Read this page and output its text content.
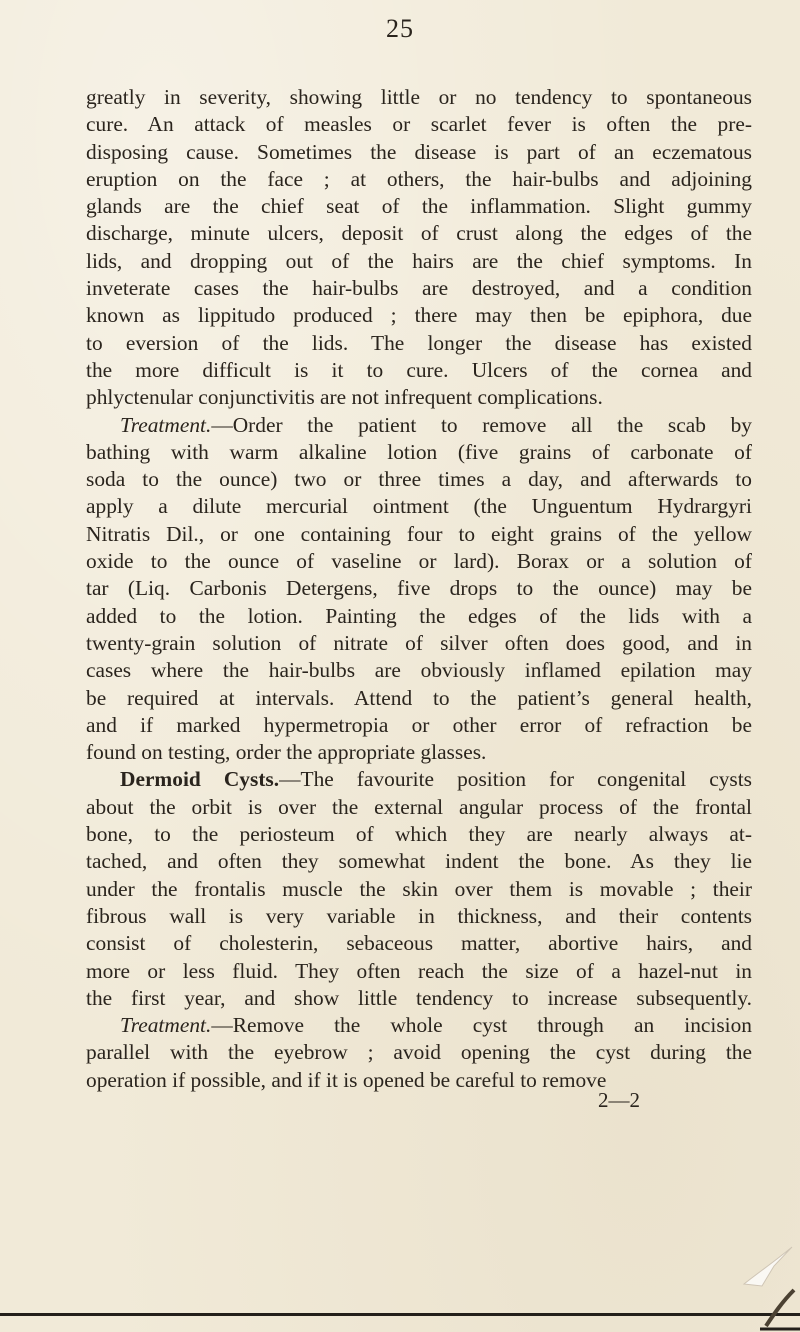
25
greatly in severity, showing little or no tendency to spontaneous
cure. An attack of measles or scarlet fever is often the pre-
disposing cause. Sometimes the disease is part of an eczematous
eruption on the face ; at others, the hair-bulbs and adjoining
glands are the chief seat of the inflammation. Slight gummy
discharge, minute ulcers, deposit of crust along the edges of the
lids, and dropping out of the hairs are the chief symptoms. In
inveterate cases the hair-bulbs are destroyed, and a condition
known as lippitudo produced ; there may then be epiphora, due
to eversion of the lids. The longer the disease has existed
the more difficult is it to cure. Ulcers of the cornea and
phlyctenular conjunctivitis are not infrequent complications.
Treatment.—Order the patient to remove all the scab by
bathing with warm alkaline lotion (five grains of carbonate of
soda to the ounce) two or three times a day, and afterwards to
apply a dilute mercurial ointment (the Unguentum Hydrargyri
Nitratis Dil., or one containing four to eight grains of the yellow
oxide to the ounce of vaseline or lard). Borax or a solution of
tar (Liq. Carbonis Detergens, five drops to the ounce) may be
added to the lotion. Painting the edges of the lids with a
twenty-grain solution of nitrate of silver often does good, and in
cases where the hair-bulbs are obviously inflamed epilation may
be required at intervals. Attend to the patient’s general health,
and if marked hypermetropia or other error of refraction be
found on testing, order the appropriate glasses.
Dermoid Cysts.—The favourite position for congenital cysts
about the orbit is over the external angular process of the frontal
bone, to the periosteum of which they are nearly always at-
tached, and often they somewhat indent the bone. As they lie
under the frontalis muscle the skin over them is movable ; their
fibrous wall is very variable in thickness, and their contents
consist of cholesterin, sebaceous matter, abortive hairs, and
more or less fluid. They often reach the size of a hazel-nut in
the first year, and show little tendency to increase subsequently.
Treatment.—Remove the whole cyst through an incision
parallel with the eyebrow ; avoid opening the cyst during the
operation if possible, and if it is opened be careful to remove
2—2
